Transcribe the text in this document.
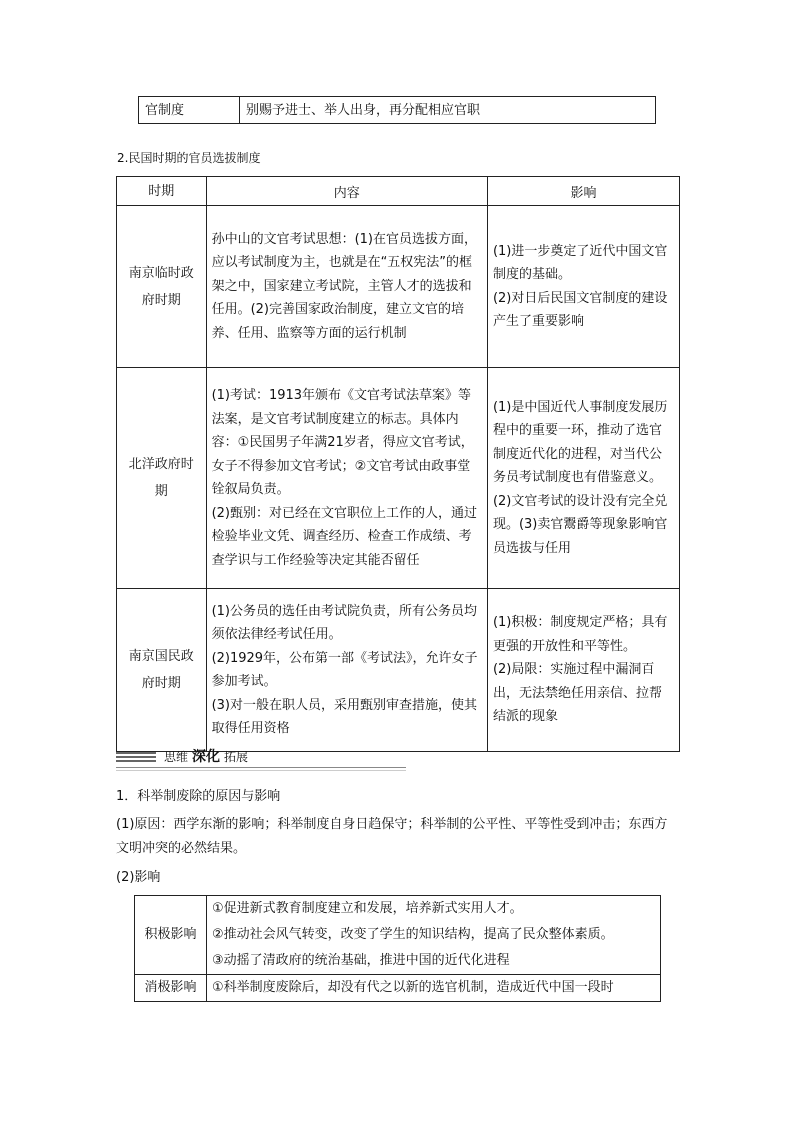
官制度	别赐予进士、举人出身，再分配相应官职
2.民国时期的官员选拔制度
时期	内容	影响
南京临时政府时期	孙中山的文官考试思想：(1)在官员选拔方面，应以考试制度为主，也就是在“五权宪法”的框架之中，国家建立考试院，主管人才的选拔和任用。(2)完善国家政治制度，建立文官的培养、任用、监察等方面的运行机制	(1)进一步奠定了近代中国文官制度的基础。
(2)对日后民国文官制度的建设产生了重要影响

北洋政府时期	(1)考试：1913年颁布《文官考试法草案》等法案，是文官考试制度建立的标志。具体内容：①民国男子年满21岁者，得应文官考试，女子不得参加文官考试；②文官考试由政事堂铨叙局负责。
(2)甄别：对已经在文官职位上工作的人，通过检验毕业文凭、调查经历、检查工作成绩、考查学识与工作经验等决定其能否留任	(1)是中国近代人事制度发展历程中的重要一环，推动了选官制度近代化的进程，对当代公务员考试制度也有借鉴意义。(2)文官考试的设计没有完全兑现。(3)卖官鬻爵等现象影响官员选拔与任用

南京国民政府时期	(1)公务员的选任由考试院负责，所有公务员均须依法律经考试任用。
(2)1929年，公布第一部《考试法》，允许女子参加考试。
(3)对一般在职人员，采用甄别审查措施，使其取得任用资格	(1)积极：制度规定严格；具有更强的开放性和平等性。
(2)局限：实施过程中漏洞百出，无法禁绝任用亲信、拉帮结派的现象
思维 深化 拓展
1．科举制废除的原因与影响
(1)原因：西学东渐的影响；科举制度自身日趋保守；科举制的公平性、平等性受到冲击；东西方文明冲突的必然结果。
(2)影响
积极影响	①促进新式教育制度建立和发展，培养新式实用人才。
②推动社会风气转变，改变了学生的知识结构，提高了民众整体素质。
③动摇了清政府的统治基础，推进中国的近代化进程

消极影响	①科举制度废除后，却没有代之以新的选官机制，造成近代中国一段时
